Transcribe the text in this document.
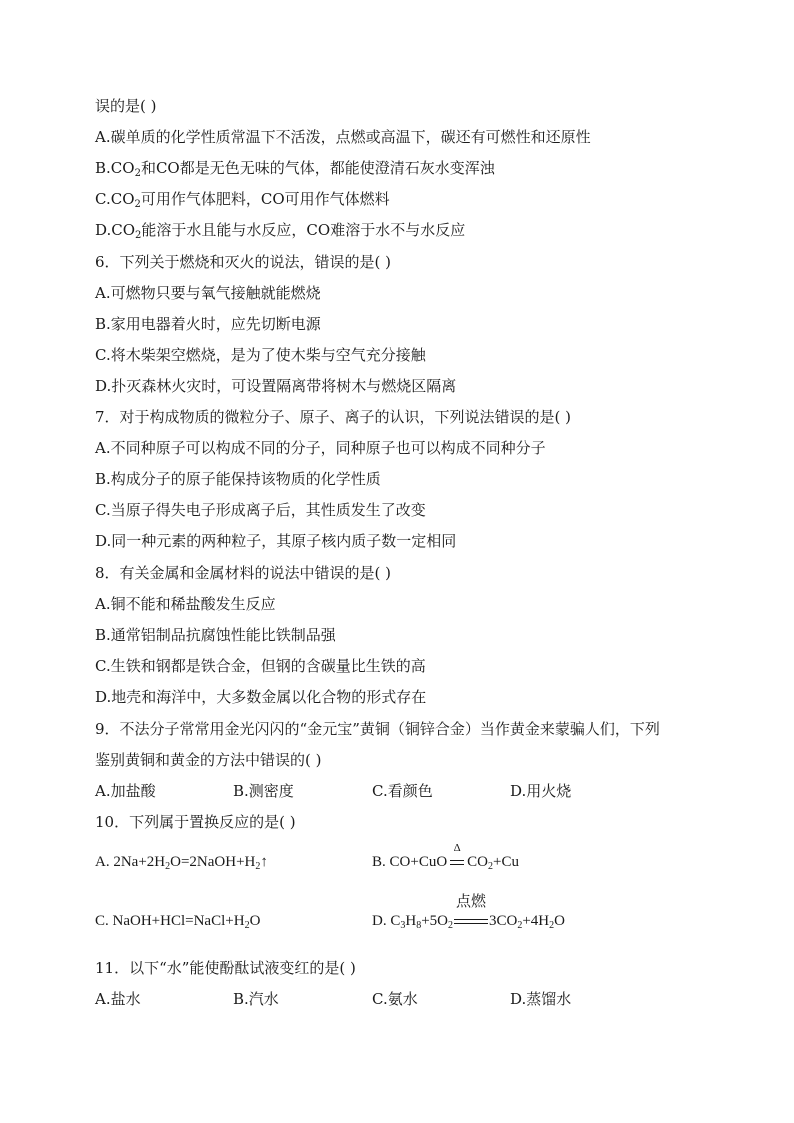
误的是( )
A.碳单质的化学性质常温下不活泼，点燃或高温下，碳还有可燃性和还原性
$B.CO_2$和CO都是无色无味的气体，都能使澄清石灰水变浑浊
$C.CO_2$可用作气体肥料，CO可用作气体燃料
$D.CO_2$能溶于水且能与水反应，CO难溶于水不与水反应
6．下列关于燃烧和灭火的说法，错误的是( )
A.可燃物只要与氧气接触就能燃烧
B.家用电器着火时，应先切断电源
C.将木柴架空燃烧，是为了使木柴与空气充分接触
D.扑灭森林火灾时，可设置隔离带将树木与燃烧区隔离
7．对于构成物质的微粒分子、原子、离子的认识，下列说法错误的是( )
A.不同种原子可以构成不同的分子，同种原子也可以构成不同种分子
B.构成分子的原子能保持该物质的化学性质
C.当原子得失电子形成离子后，其性质发生了改变
D.同一种元素的两种粒子，其原子核内质子数一定相同
8．有关金属和金属材料的说法中错误的是( )
A.铜不能和稀盐酸发生反应
B.通常铝制品抗腐蚀性能比铁制品强
C.生铁和钢都是铁合金，但钢的含碳量比生铁的高
D.地壳和海洋中，大多数金属以化合物的形式存在
9．不法分子常常用金光闪闪的“金元宝”黄铜（铜锌合金）当作黄金来蒙骗人们，下列
鉴别黄铜和黄金的方法中错误的( )
A.加盐酸	B.测密度	C.看颜色	D.用火烧
10．下列属于置换反应的是( )
A. $2Na+2H_2O=2NaOH+H_2↑$	B. CO+CuO
Δ
$CO_2+Cu$
C. $NaOH+HCl=NaCl+H_2O$	D. $C_3H_8+5O_2$
点燃
$3CO_2+4H_2O$
11．以下“水”能使酚酞试液变红的是( )
A.盐水	B.汽水	C.氨水	D.蒸馏水
